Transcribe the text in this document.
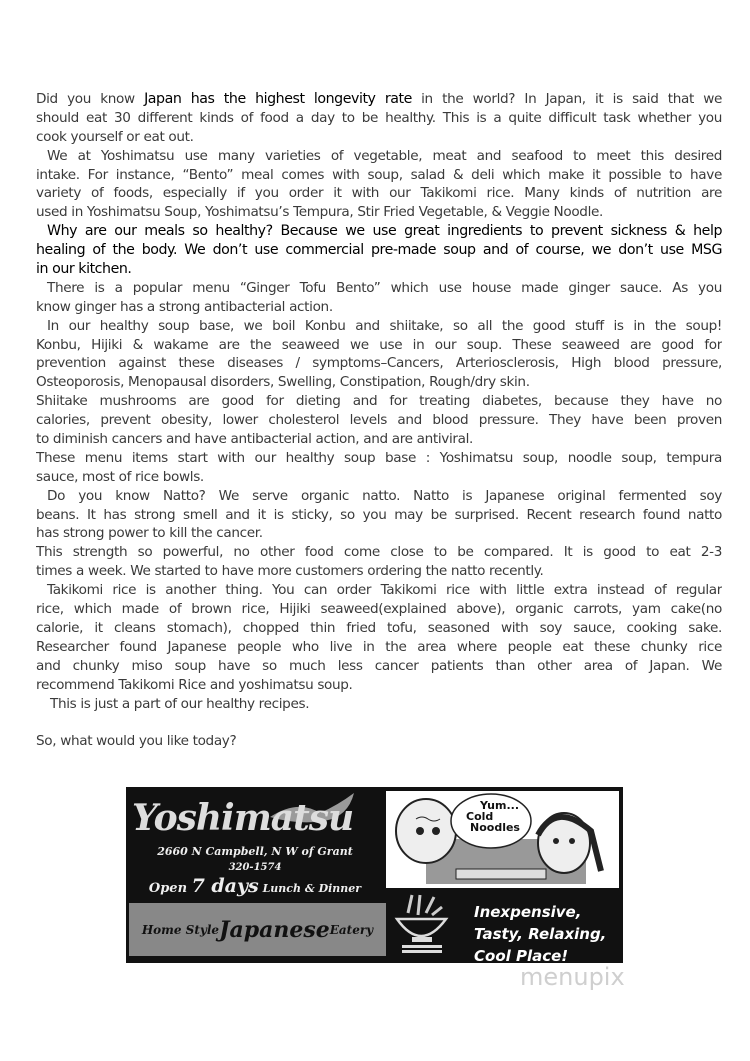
Did you know Japan has the highest longevity rate in the world? In Japan, it is said that we
should eat 30 different kinds of food a day to be healthy. This is a quite difficult task whether you
cook yourself or eat out.
We at Yoshimatsu use many varieties of vegetable, meat and seafood to meet this desired
intake. For instance, “Bento” meal comes with soup, salad & deli which make it possible to have
variety of foods, especially if you order it with our Takikomi rice. Many kinds of nutrition are
used in Yoshimatsu Soup, Yoshimatsu’s Tempura, Stir Fried Vegetable, & Veggie Noodle.
Why are our meals so healthy? Because we use great ingredients to prevent sickness & help
healing of the body. We don’t use commercial pre-made soup and of course, we don’t use MSG
in our kitchen.
There is a popular menu “Ginger Tofu Bento” which use house made ginger sauce. As you
know ginger has a strong antibacterial action.
In our healthy soup base, we boil Konbu and shiitake, so all the good stuff is in the soup!
Konbu, Hijiki & wakame are the seaweed we use in our soup. These seaweed are good for
prevention against these diseases / symptoms–Cancers, Arteriosclerosis, High blood pressure,
Osteoporosis, Menopausal disorders, Swelling, Constipation, Rough/dry skin.
Shiitake mushrooms are good for dieting and for treating diabetes, because they have no
calories, prevent obesity, lower cholesterol levels and blood pressure. They have been proven
to diminish cancers and have antibacterial action, and are antiviral.
These menu items start with our healthy soup base : Yoshimatsu soup, noodle soup, tempura
sauce, most of rice bowls.
Do you know Natto? We serve organic natto. Natto is Japanese original fermented soy
beans. It has strong smell and it is sticky, so you may be surprised. Recent research found natto
has strong power to kill the cancer.
This strength so powerful, no other food come close to be compared. It is good to eat 2-3
times a week. We started to have more customers ordering the natto recently.
Takikomi rice is another thing. You can order Takikomi rice with little extra instead of regular
rice, which made of brown rice, Hijiki seaweed(explained above), organic carrots, yam cake(no
calorie, it cleans stomach), chopped thin fried tofu, seasoned with soy sauce, cooking sake.
Researcher found Japanese people who live in the area where people eat these chunky rice
and chunky miso soup have so much less cancer patients than other area of Japan. We
recommend Takikomi Rice and yoshimatsu soup.
This is just a part of our healthy recipes.
So, what would you like today?
Yoshimatsu
2660 N Campbell, N W of Grant
320-1574
Open 7 days Lunch & Dinner
Home Style Japanese Eatery
Yum...
Cold
Noodles
Inexpensive,
Tasty, Relaxing,
Cool Place!
menupix
